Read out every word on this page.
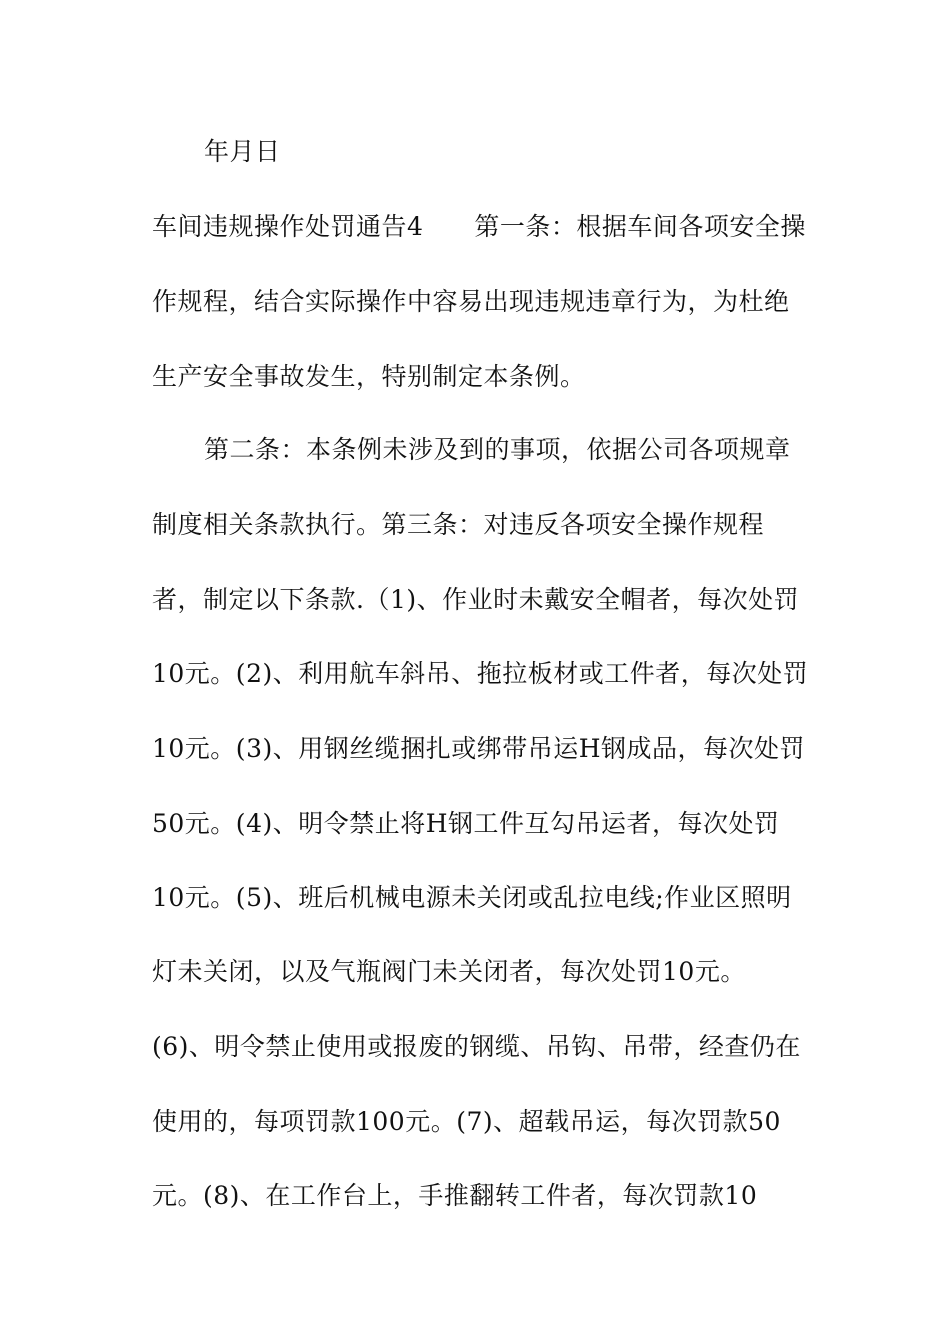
年月日
车间违规操作处罚通告4　　第一条：根据车间各项安全操
作规程，结合实际操作中容易出现违规违章行为，为杜绝
生产安全事故发生，特别制定本条例。
第二条：本条例未涉及到的事项，依据公司各项规章
制度相关条款执行。第三条：对违反各项安全操作规程
者，制定以下条款.（1)、作业时未戴安全帽者，每次处罚
10元。(2)、利用航车斜吊、拖拉板材或工件者，每次处罚
10元。(3)、用钢丝缆捆扎或绑带吊运H钢成品，每次处罚
50元。(4)、明令禁止将H钢工件互勾吊运者，每次处罚
10元。(5)、班后机械电源未关闭或乱拉电线;作业区照明
灯未关闭，以及气瓶阀门未关闭者，每次处罚10元。
(6)、明令禁止使用或报废的钢缆、吊钩、吊带，经查仍在
使用的，每项罚款100元。(7)、超载吊运，每次罚款50
元。(8)、在工作台上，手推翻转工件者，每次罚款10
